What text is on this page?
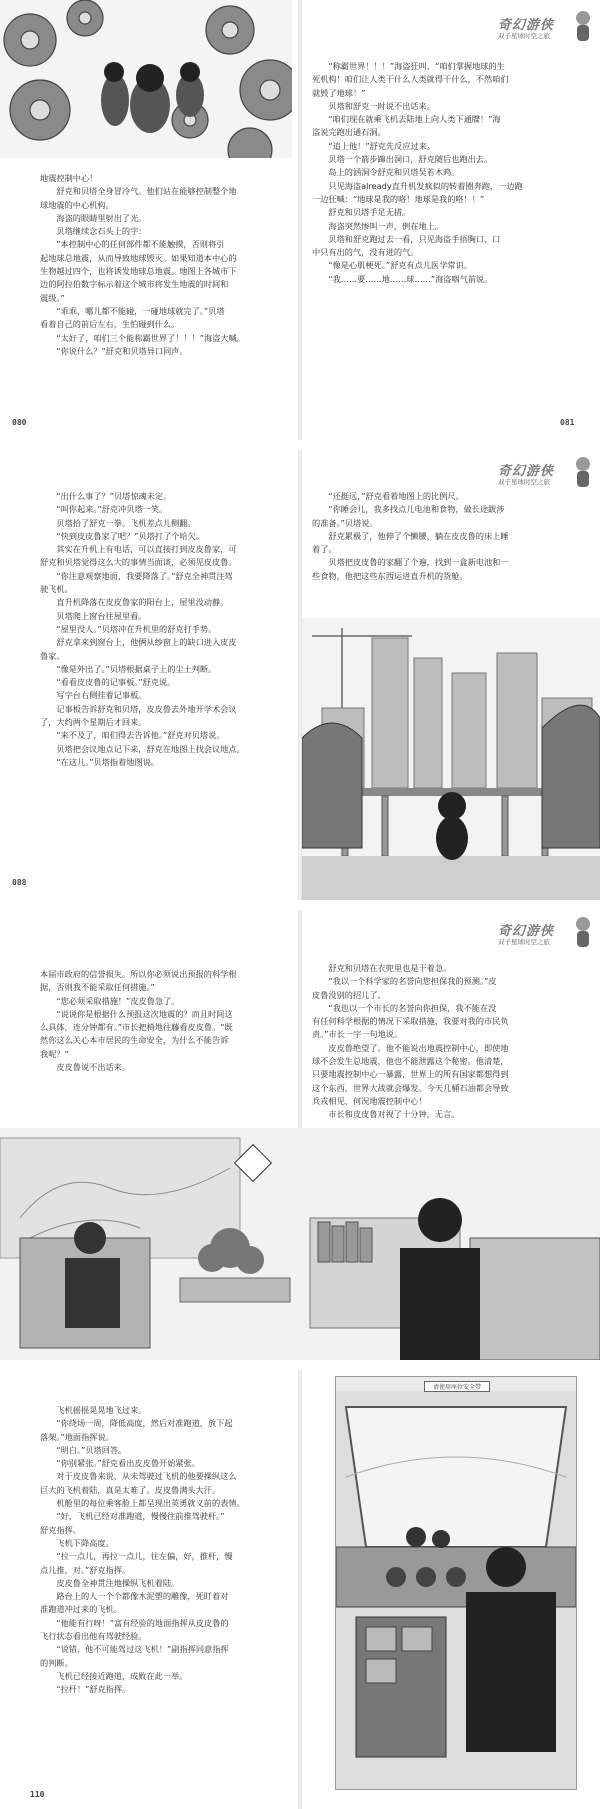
奇幻游侠
双子星球时空之旅

地震控制中心！

　　舒克和贝塔全身冒冷气。他们站在能够控制整个地

球地震的中心机构。

　　海盗的眼睛里射出了光。

　　贝塔继续念石头上的字：

　　“本控制中心的任何部件都不能触摸，否则将引

起地球总地震，从而导致地球毁灭。如果知道本中心的

生物越过四个，也将诱发地球总地震。地图上各城市下

边的阿拉伯数字标示着这个城市将发生地震的时间和

震级。”

　　“乖乖，哪儿都不能碰，一碰地球就完了。”贝塔

看着自己的前后左右，生怕碰到什么。

　　“太好了，咱们三个能称霸世界了！！！”海盗大喊。

　　“你说什么？”舒克和贝塔异口同声。

080

　　“称霸世界！！！”海盗狂叫，“咱们掌握地球的生

死机构！咱们让人类干什么人类就得干什么，不然咱们

就毁了地球！”

　　贝塔和舒克一时说不出话来。

　　“咱们现在就乘飞机去陆地上向人类下通牒！”海

盗说完跑出通石洞。

　　“追上他！”舒克先反应过来。

　　贝塔一个箭步蹿出洞口，舒克随后也跑出去。

　　岛上的涵洞令舒克和贝塔吴若木鸡。

　　只见海盗already直升机发疯似的转着圈奔跑，一边跑

一边狂喊：“地球是我的咯！地球是我的咯！！”

　　舒克和贝塔手足无措。

　　海盗突然惨叫一声，倒在地上。

　　贝塔和舒克跑过去一看，只见海盗手捂胸口，口

中只有出的气，没有进的气。

　　“像是心肌梗死。”舒克有点儿医学常识。

　　“我……要……地……球……”海盗咽气前说。

081
奇幻游侠
双子星球时空之旅

　　“出什么事了？”贝塔惊魂未定。

　　“叫你起来。”舒克冲贝塔一笑。

　　贝塔拾了舒克一拳。飞机差点儿侧翻。

　　“快到皮皮鲁家了吧？”贝塔打了个哈欠。

　　其实在升机上有电话，可以直接打到皮皮鲁家，可

舒克和贝塔觉得这么大的事情当面谈，必须见皮皮鲁。

　　“你注意观察地面，我要降落了。”舒克全神贯注驾

驶飞机。

　　直升机降落在皮皮鲁家的阳台上，屋里没动静。

　　贝塔爬上窗台往屋里看。

　　“屋里没人。”贝塔冲在升机里的舒克打手势。

　　舒克拿来到窗台上，他俩从纱窗上的缺口进入皮皮

鲁家。

　　“像是外出了。”贝塔根据桌子上的尘土判断。

　　“看看皮皮鲁的记事板。”舒克说。

　　写字台右侧挂着记事板。

　　记事板告诉舒克和贝塔，皮皮鲁去外地开学术会议

了，大约两个星期后才回来。

　　“来不及了，咱们得去告诉他。”舒克对贝塔说。

　　贝塔把会议地点记下来，舒克在地图上找会议地点。

　　“在这儿。”贝塔指着地图说。

088

　　“还挺远，”舒克看着地图上的比例尺。

　　“你睡会儿，我多找点儿电池和食物，做长途跋涉

的准备。”贝塔说。

　　舒克累极了，他伸了个懒腰，躺在皮皮鲁的床上睡

着了。

　　贝塔把皮皮鲁的家翻了个遍，找到一盒新电池和一

些食物，他把这些东西运进直升机的货舱。

奇幻游侠
双子星球时空之旅

本届市政府的信誉损失。所以你必须说出预报的科学根

据，否则我不能采取任何措施。”

　　“您必须采取措施！”皮皮鲁急了。

　　“说说你是根据什么预报这次地震的？而且时间这

么具体，连分钟都有。”市长把椅地往藤看皮皮鲁。“既

然你这么关心本市居民的生命安全，为什么不能告诉

我呢？”

　　皮皮鲁说不出话来。

　　舒克和贝塔在衣兜里也是干着急。

　　“我以一个科学家的名誉向您担保我的预测。”皮

皮鲁没别的招儿了。

　　“我也以一个市长的名誉向你担保，我不能在没

有任何科学根据的情况下采取措施，我要对我的市民负

责。”市长一字一句地说。

　　皮皮鲁绝望了。他不能说出地震控制中心，即使地

球不会发生总地震，他也不能泄露这个秘密。他清楚，

只要地震控制中心一暴露，世界上的所有国家都想得到

这个东西，世界大战就会爆发。今天几桶石油都会导致

兵戎相见，何况地震控制中心！

　　市长和皮皮鲁对视了十分钟，无言。

　　飞机摇摇晃晃地飞过来。

　　“你绕场一周，降低高度，然后对准跑道，放下起

落架。”地面指挥说。

　　“明白。”贝塔回答。

　　“你别紧张。”舒克看出皮皮鲁开始紧张。

　　对于皮皮鲁来说，从未驾驶过飞机的他要操纵这么

巨大的飞机着陆，真是太难了。皮皮鲁满头大汗。

　　机舱里的每位乘客脸上都呈现出英勇就义前的表情。

　　“好，飞机已经对准跑道，慢慢往前推驾驶杆。”

舒克指挥。

　　飞机下降高度。

　　“拉一点儿，再拉一点儿，往左偏，好，推杆，慢

点儿推，对。”舒克指挥。

　　皮皮鲁全神贯注地操纵飞机着陆。

　　路台上的人一个个都像木泥塑的雕像，死盯着对

准跑道冲过来的飞机。

　　“他能有行呀！”富有经验的地面指挥从皮皮鲁的

飞行状态看出他有驾驶经验。

　　“说错，他不可能驾过这飞机！”副指挥同意指挥

的判断。

　　飞机已经接近跑道，成败在此一举。

　　“拉杆！”舒克指挥。

110
请使用座位安全带
